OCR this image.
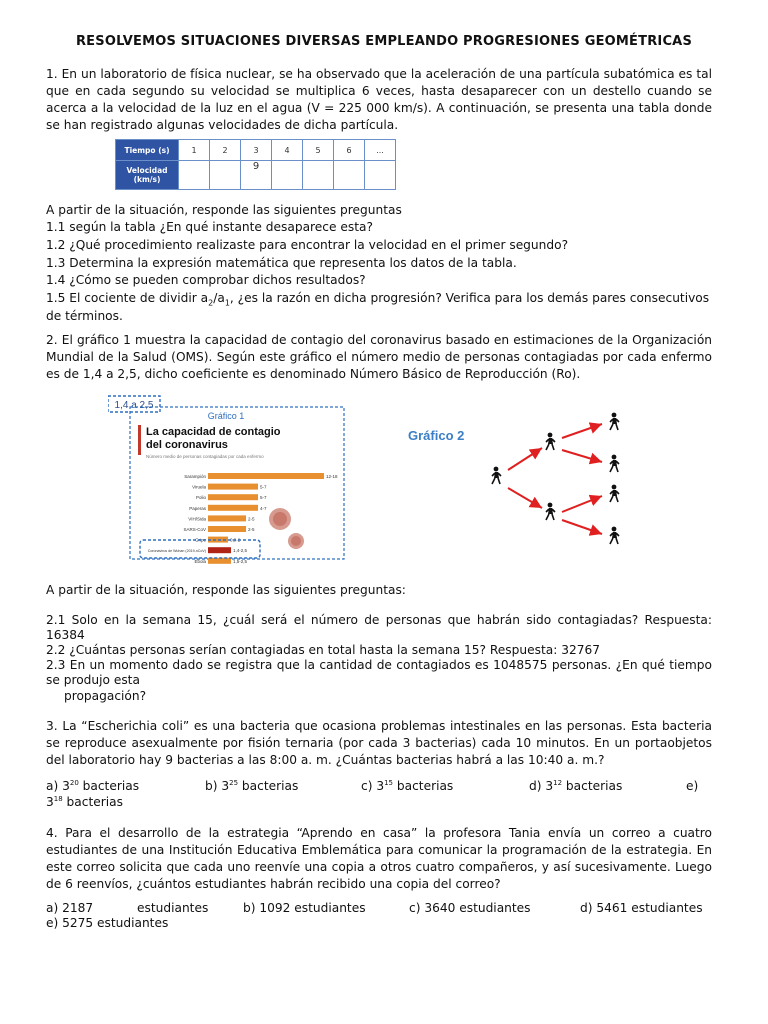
RESOLVEMOS SITUACIONES DIVERSAS EMPLEANDO PROGRESIONES GEOMÉTRICAS
1. En un laboratorio de física nuclear, se ha observado que la aceleración de una partícula subatómica es tal que en cada segundo su velocidad se multiplica 6 veces, hasta desaparecer con un destello cuando se acerca a la velocidad de la luz en el agua (V = 225 000 km/s). A continuación, se presenta una tabla donde se han registrado algunas velocidades de dicha partícula.
Tiempo (s)	1	2	3	4	5	6	...

Velocidad
(km/s)			9				
A partir de la situación, responde las siguientes preguntas
1.1 según la tabla ¿En qué instante desaparece esta?
1.2 ¿Qué procedimiento realizaste para encontrar la velocidad en el primer segundo?
1.3 Determina la expresión matemática que representa los datos de la tabla.
1.4 ¿Cómo se pueden comprobar dichos resultados?
1.5 El cociente de dividir $a_2/a_1$, ¿es la razón en dicha progresión? Verifica para los demás pares consecutivos
de términos.
2. El gráfico 1 muestra la capacidad de contagio del coronavirus basado en estimaciones de la Organización Mundial de la Salud (OMS). Según este gráfico el número medio de personas contagiadas por cada enfermo es de 1,4 a 2,5, dicho coeficiente es denominado Número Básico de Reproducción (Ro).
1,4 a 2,5
Gráfico 1
La capacidad de contagio
del coronavirus
Número medio de personas contagiadas por cada enfermo
Sarampión	12-18
Viruela	5-7
Polio	5-7
Paperas	4-7
VIH/Sida	2-5
SARS-CoV	2-5
Gripe	0,9-2
Coronavirus de Wuhan (2019-nCoV)	1,4-2,5
Ébola	1,5-2,5
Gráfico 2
A partir de la situación, responde las siguientes preguntas:
2.1 Solo en la semana 15, ¿cuál será el número de personas que habrán sido contagiadas? Respuesta:
16384
2.2 ¿Cuántas personas serían contagiadas en total hasta la semana 15? Respuesta: 32767
2.3 En un momento dado se registra que la cantidad de contagiados es 1048575 personas. ¿En qué tiempo
se produjo esta
propagación?
3. La “Escherichia coli” es una bacteria que ocasiona problemas intestinales en las personas. Esta bacteria se reproduce asexualmente por fisión ternaria (por cada 3 bacterias) cada 10 minutos. En un portaobjetos del laboratorio hay 9 bacterias a las 8:00 a. m. ¿Cuántas bacterias habrá a las 10:40 a. m.?
a) $3^{20}$ bacterias	b) $3^{25}$ bacterias	c) $3^{15}$ bacterias	d) $3^{12}$ bacterias	e)
$3^{18}$ bacterias
4. Para el desarrollo de la estrategia “Aprendo en casa” la profesora Tania envía un correo a cuatro estudiantes de una Institución Educativa Emblemática para comunicar la programación de la estrategia. En este correo solicita que cada uno reenvíe una copia a otros cuatro compañeros, y así sucesivamente. Luego de 6 reenvíos, ¿cuántos estudiantes habrán recibido una copia del correo?
a) 2187	estudiantes	b) 1092 estudiantes	c) 3640 estudiantes	d) 5461 estudiantes
e) 5275 estudiantes
